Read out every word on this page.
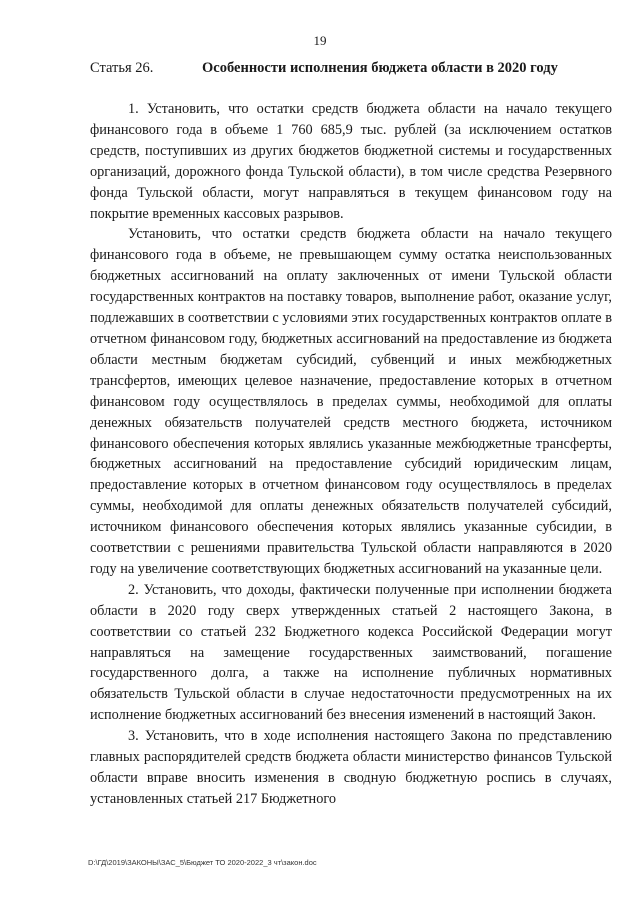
19
Статья 26.	Особенности исполнения бюджета области в 2020 году

1. Установить, что остатки средств бюджета области на начало текущего финансового года в объеме 1 760 685,9 тыс. рублей (за исключением остатков средств, поступивших из других бюджетов бюджетной системы и государственных организаций, дорожного фонда Тульской области), в том числе средства Резервного фонда Тульской области, могут направляться в текущем финансовом году на покрытие временных кассовых разрывов.

Установить, что остатки средств бюджета области на начало текущего финансового года в объеме, не превышающем сумму остатка неиспользованных бюджетных ассигнований на оплату заключенных от имени Тульской области государственных контрактов на поставку товаров, выполнение работ, оказание услуг, подлежавших в соответствии с условиями этих государственных контрактов оплате в отчетном финансовом году, бюджетных ассигнований на предоставление из бюджета области местным бюджетам субсидий, субвенций и иных межбюджетных трансфертов, имеющих целевое назначение, предоставление которых в отчетном финансовом году осуществлялось в пределах суммы, необходимой для оплаты денежных обязательств получателей средств местного бюджета, источником финансового обеспечения которых являлись указанные межбюджетные трансферты, бюджетных ассигнований на предоставление субсидий юридическим лицам, предоставление которых в отчетном финансовом году осуществлялось в пределах суммы, необходимой для оплаты денежных обязательств получателей субсидий, источником финансового обеспечения которых являлись указанные субсидии, в соответствии с решениями правительства Тульской области направляются в 2020 году на увеличение соответствующих бюджетных ассигнований на указанные цели.

2. Установить, что доходы, фактически полученные при исполнении бюджета области в 2020 году сверх утвержденных статьей 2 настоящего Закона, в соответствии со статьей 232 Бюджетного кодекса Российской Федерации могут направляться на замещение государственных заимствований, погашение государственного долга, а также на исполнение публичных нормативных обязательств Тульской области в случае недостаточности предусмотренных на их исполнение бюджетных ассигнований без внесения изменений в настоящий Закон.

3. Установить, что в ходе исполнения настоящего Закона по представлению главных распорядителей средств бюджета области министерство финансов Тульской области вправе вносить изменения в сводную бюджетную роспись в случаях, установленных статьей 217 Бюджетного

D:\ГД\2019\ЗАКОНЫ\ЗАС_5\Бюджет ТО 2020-2022_3 чт\закон.doc
